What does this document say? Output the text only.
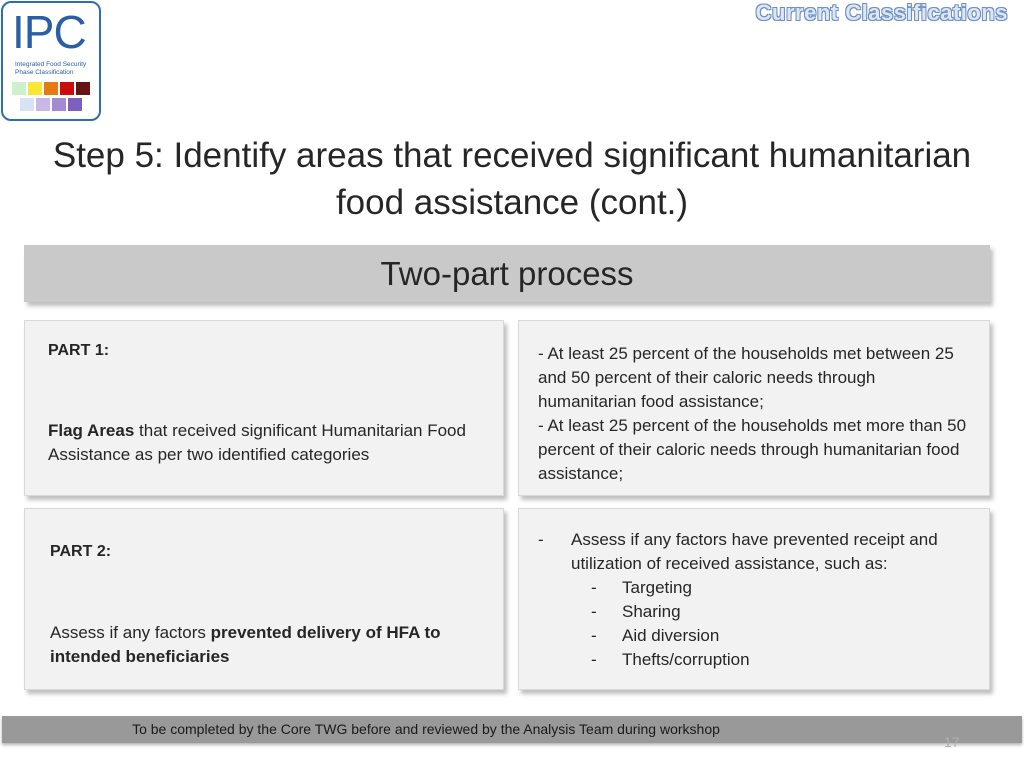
IPC
Integrated Food Security
Phase Classification
Current Classifications
Step 5: Identify areas that received significant humanitarian
food assistance (cont.)
Two-part process
PART 1:
Flag Areas that received significant Humanitarian Food Assistance as per two identified categories
- At least 25 percent of the households met between 25 and 50 percent of their caloric needs through humanitarian food assistance;
- At least 25 percent of the households met more than 50 percent of their caloric needs through humanitarian food assistance;
PART 2:
Assess if any factors prevented delivery of HFA to intended beneficiaries
- Assess if any factors have prevented receipt and utilization of received assistance, such as:
- Targeting
- Sharing
- Aid diversion
- Thefts/corruption
To be completed by the Core TWG before and reviewed by the Analysis Team during workshop
17
